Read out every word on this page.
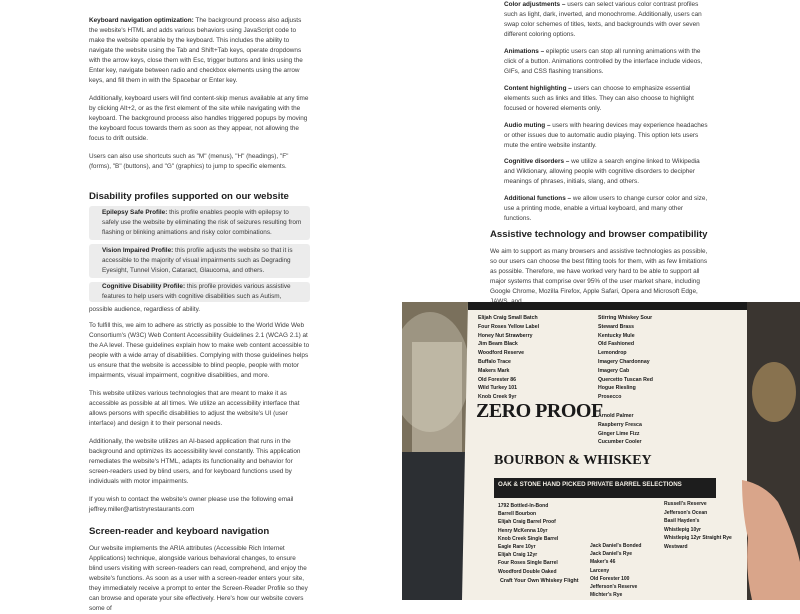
Keyboard navigation optimization: The background process also adjusts the website's HTML and adds various behaviors using JavaScript code to make the website operable by the keyboard. This includes the ability to navigate the website using the Tab and Shift+Tab keys, operate dropdowns with the arrow keys, close them with Esc, trigger buttons and links using the Enter key, navigate between radio and checkbox elements using the arrow keys, and fill them in with the Spacebar or Enter key.

Additionally, keyboard users will find content-skip menus available at any time by clicking Alt+2, or as the first element of the site while navigating with the keyboard. The background process also handles triggered popups by moving the keyboard focus towards them as soon as they appear, not allowing the focus to drift outside.

Users can also use shortcuts such as "M" (menus), "H" (headings), "F" (forms), "B" (buttons), and "G" (graphics) to jump to specific elements.

Disability profiles supported on our website

Epilepsy Safe Profile: this profile enables people with epilepsy to safely use the website by eliminating the risk of seizures resulting from flashing or blinking animations and risky color combinations.

Vision Impaired Profile: this profile adjusts the website so that it is accessible to the majority of visual impairments such as Degrading Eyesight, Tunnel Vision, Cataract, Glaucoma, and others.

Cognitive Disability Profile: this profile provides various assistive features to help users with cognitive disabilities such as Autism,

possible audience, regardless of ability.

To fulfill this, we aim to adhere as strictly as possible to the World Wide Web Consortium's (W3C) Web Content Accessibility Guidelines 2.1 (WCAG 2.1) at the AA level. These guidelines explain how to make web content accessible to people with a wide array of disabilities. Complying with those guidelines helps us ensure that the website is accessible to blind people, people with motor impairments, visual impairment, cognitive disabilities, and more.

This website utilizes various technologies that are meant to make it as accessible as possible at all times. We utilize an accessibility interface that allows persons with specific disabilities to adjust the website's UI (user interface) and design it to their personal needs.

Additionally, the website utilizes an AI-based application that runs in the background and optimizes its accessibility level constantly. This application remediates the website's HTML, adapts its functionality and behavior for screen-readers used by blind users, and for keyboard functions used by individuals with motor impairments.

If you wish to contact the website's owner please use the following email jeffrey.miller@artistryrestaurants.com

Screen-reader and keyboard navigation

Our website implements the ARIA attributes (Accessible Rich Internet Applications) technique, alongside various behavioral changes, to ensure blind users visiting with screen-readers can read, comprehend, and enjoy the website's functions. As soon as a user with a screen-reader enters your site, they immediately receive a prompt to enter the Screen-Reader Profile so they can browse and operate your site effectively. Here's how our website covers some of

Color adjustments – users can select various color contrast profiles such as light, dark, inverted, and monochrome. Additionally, users can swap color schemes of titles, texts, and backgrounds with over seven different coloring options.

Animations – epileptic users can stop all running animations with the click of a button. Animations controlled by the interface include videos, GIFs, and CSS flashing transitions.

Content highlighting – users can choose to emphasize essential elements such as links and titles. They can also choose to highlight focused or hovered elements only.

Audio muting – users with hearing devices may experience headaches or other issues due to automatic audio playing. This option lets users mute the entire website instantly.

Cognitive disorders – we utilize a search engine linked to Wikipedia and Wiktionary, allowing people with cognitive disorders to decipher meanings of phrases, initials, slang, and others.

Additional functions – we allow users to change cursor color and size, use a printing mode, enable a virtual keyboard, and many other functions.

Assistive technology and browser compatibility

We aim to support as many browsers and assistive technologies as possible, so our users can choose the best fitting tools for them, with as few limitations as possible. Therefore, we have worked very hard to be able to support all major systems that comprise over 95% of the user market share, including Google Chrome, Mozilla Firefox, Apple Safari, Opera and Microsoft Edge,

Elijah Craig Small Batch
Four Roses Yellow Label
Honey Nut Strawberry
Jim Beam Black
Woodford Reserve
Buffalo Trace
Makers Mark
Old Forester 86
Wild Turkey 101
Knob Creek 9yr
Stirring Whiskey Sour
Steward Brass
Kentucky Mule
Old Fashioned
Lemondrop
Imagery Chardonnay
Imagery Cab
Quercetto Tuscan Red
Hogue Riesling
Prosecco
ZERO PROOF
Arnold Palmer
Raspberry Fresca
Ginger Lime Fizz
Cucumber Cooler
BOURBON & WHISKEY
OAK & STONE HAND PICKED PRIVATE BARREL SELECTIONS
1792 Bottled-In-Bond
Barrell Bourbon
Elijah Craig Barrel Proof
Henry McKenna 10yr
Knob Creek Single Barrel
Eagle Rare 10yr
Elijah Craig 12yr
Four Roses Single Barrel
Woodford Double Oaked
Craft Your Own Whiskey Flight
Jack Daniel's Bonded
Jack Daniel's Rye
Maker's 46
Larceny
Old Forester 100
Jefferson's Reserve
Michter's Rye
Russell's Reserve
Jefferson's Ocean
Basil Hayden's
Whistlepig 10yr
Whistlepig 12yr Straight Rye
Westward
